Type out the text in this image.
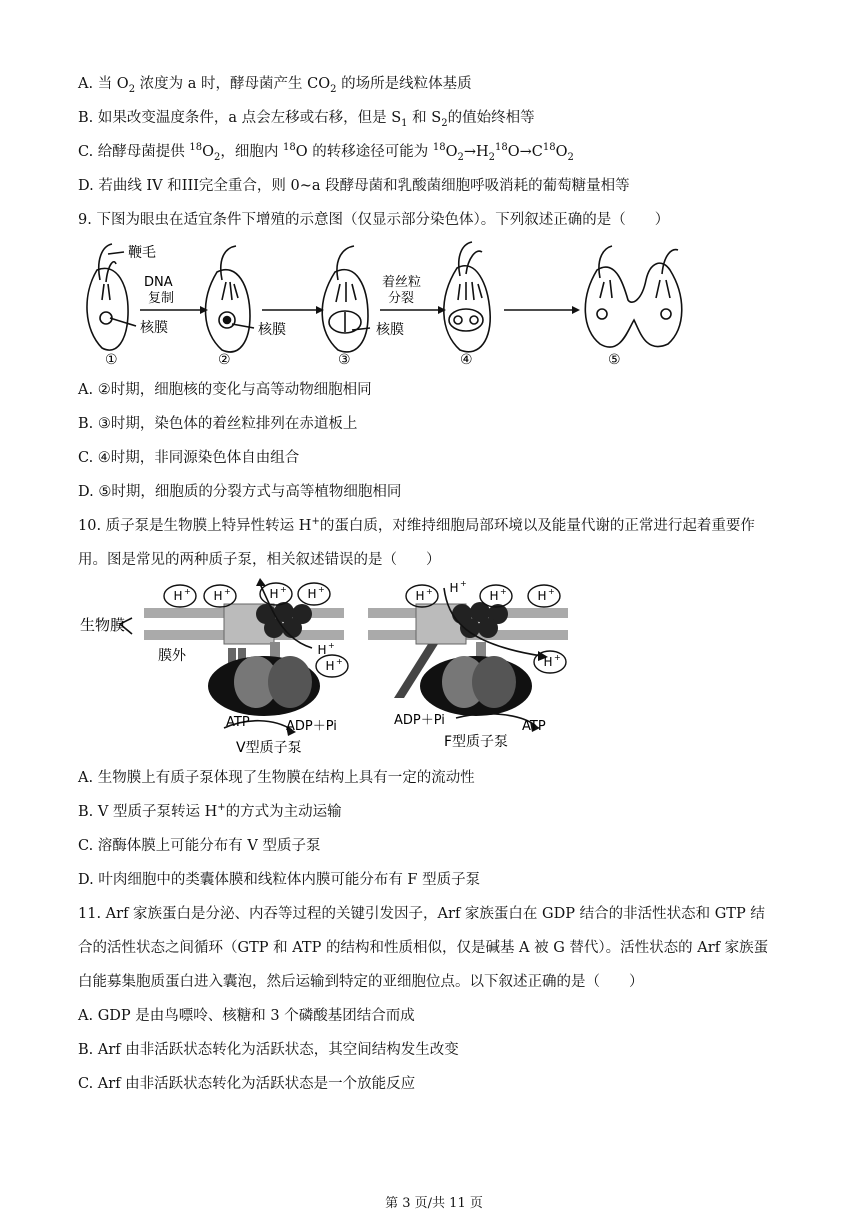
A. 当 $O_2$ 浓度为 a 时，酵母菌产生 $CO_2$ 的场所是线粒体基质
B. 如果改变温度条件，a 点会左移或右移，但是 $S_1$ 和 $S_2$的值始终相等
C. 给酵母菌提供 $^{18}O_2$，细胞内 $^{18}$O 的转移途径可能为 $^{18}O_2\to H_2^{18}O\to C^{18}O_2$
D. 若曲线 IV 和III完全重合，则 0~a 段酵母菌和乳酸菌细胞呼吸消耗的葡萄糖量相等
9. 下图为眼虫在适宜条件下增殖的示意图（仅显示部分染色体）。下列叙述正确的是（　　）
鞭毛
DNA
复制
核膜	核膜	核膜
着丝粒
分裂
①	②	③	④	⑤
A. ②时期，细胞核的变化与高等动物细胞相同
B. ③时期，染色体的着丝粒排列在赤道板上
C. ④时期，非同源染色体自由组合
D. ⑤时期，细胞质的分裂方式与高等植物细胞相同
10. 质子泵是生物膜上特异性转运 H+的蛋白质，对维持细胞局部环境以及能量代谢的正常进行起着重要作
用。图是常见的两种质子泵，相关叙述错误的是（　　）
H	H	H H
H
H
H
H
H	H
H
+	+	+	+
+
+
+
+
+	+
+
生物膜
膜外
ATP	ADP＋Pi
V型质子泵
ADP＋Pi	ATP
F型质子泵
A. 生物膜上有质子泵体现了生物膜在结构上具有一定的流动性
B. V 型质子泵转运 H+的方式为主动运输
C. 溶酶体膜上可能分布有 V 型质子泵
D. 叶肉细胞中的类囊体膜和线粒体内膜可能分布有 F 型质子泵
11. Arf 家族蛋白是分泌、内吞等过程的关键引发因子，Arf 家族蛋白在 GDP 结合的非活性状态和 GTP 结
合的活性状态之间循环（GTP 和 ATP 的结构和性质相似，仅是碱基 A 被 G 替代）。活性状态的 Arf 家族蛋
白能募集胞质蛋白进入囊泡，然后运输到特定的亚细胞位点。以下叙述正确的是（　　）
A. GDP 是由鸟嘌呤、核糖和 3 个磷酸基团结合而成
B. Arf 由非活跃状态转化为活跃状态，其空间结构发生改变
C. Arf 由非活跃状态转化为活跃状态是一个放能反应
第 3 页/共 11 页
